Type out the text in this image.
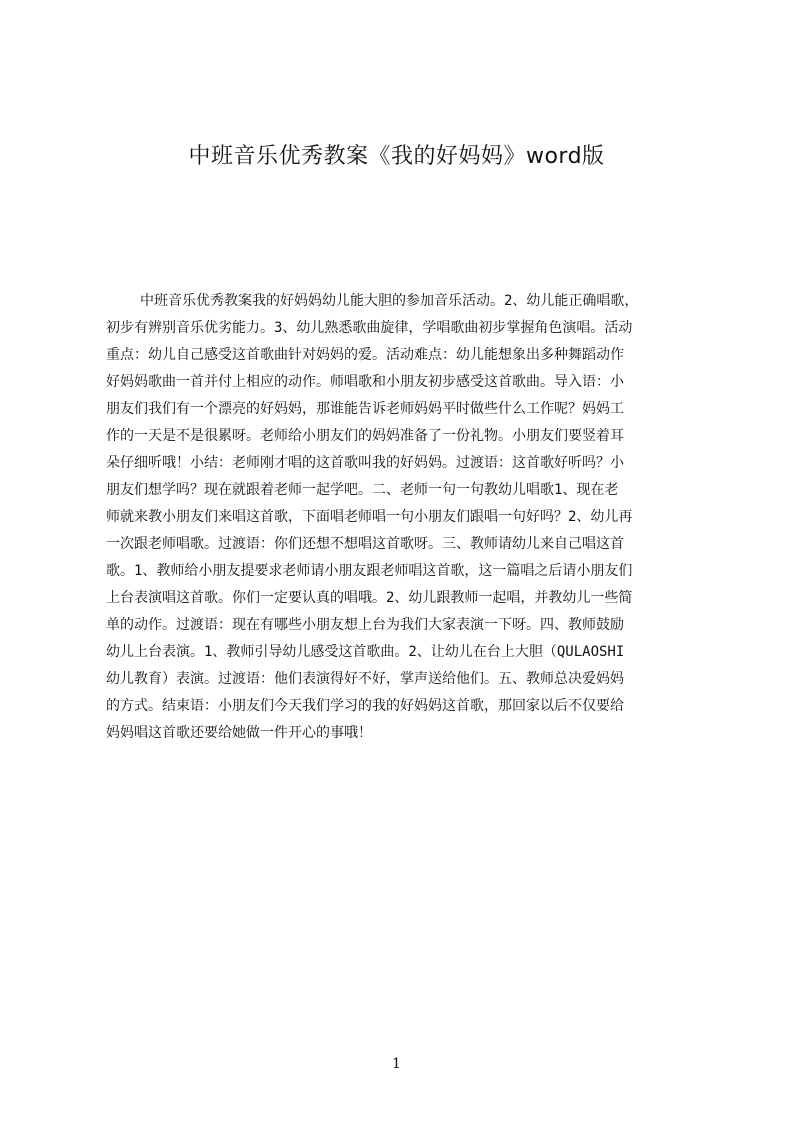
中班音乐优秀教案《我的好妈妈》word版
中班音乐优秀教案我的好妈妈幼儿能大胆的参加音乐活动。2、幼儿能正确唱歌，
初步有辨别音乐优劣能力。3、幼儿熟悉歌曲旋律，学唱歌曲初步掌握角色演唱。活动
重点：幼儿自己感受这首歌曲针对妈妈的爱。活动难点：幼儿能想象出多种舞蹈动作
好妈妈歌曲一首并付上相应的动作。师唱歌和小朋友初步感受这首歌曲。导入语：小
朋友们我们有一个漂亮的好妈妈，那谁能告诉老师妈妈平时做些什么工作呢？妈妈工
作的一天是不是很累呀。老师给小朋友们的妈妈准备了一份礼物。小朋友们要竖着耳
朵仔细听哦！小结：老师刚才唱的这首歌叫我的好妈妈。过渡语：这首歌好听吗？小
朋友们想学吗？现在就跟着老师一起学吧。二、老师一句一句教幼儿唱歌1、现在老
师就来教小朋友们来唱这首歌，下面唱老师唱一句小朋友们跟唱一句好吗？2、幼儿再
一次跟老师唱歌。过渡语：你们还想不想唱这首歌呀。三、教师请幼儿来自己唱这首
歌。1、教师给小朋友提要求老师请小朋友跟老师唱这首歌，这一篇唱之后请小朋友们
上台表演唱这首歌。你们一定要认真的唱哦。2、幼儿跟教师一起唱，并教幼儿一些简
单的动作。过渡语：现在有哪些小朋友想上台为我们大家表演一下呀。四、教师鼓励
幼儿上台表演。1、教师引导幼儿感受这首歌曲。2、让幼儿在台上大胆（QULAOSHI
幼儿教育）表演。过渡语：他们表演得好不好，掌声送给他们。五、教师总决爱妈妈
的方式。结束语：小朋友们今天我们学习的我的好妈妈这首歌，那回家以后不仅要给
妈妈唱这首歌还要给她做一件开心的事哦！
1
